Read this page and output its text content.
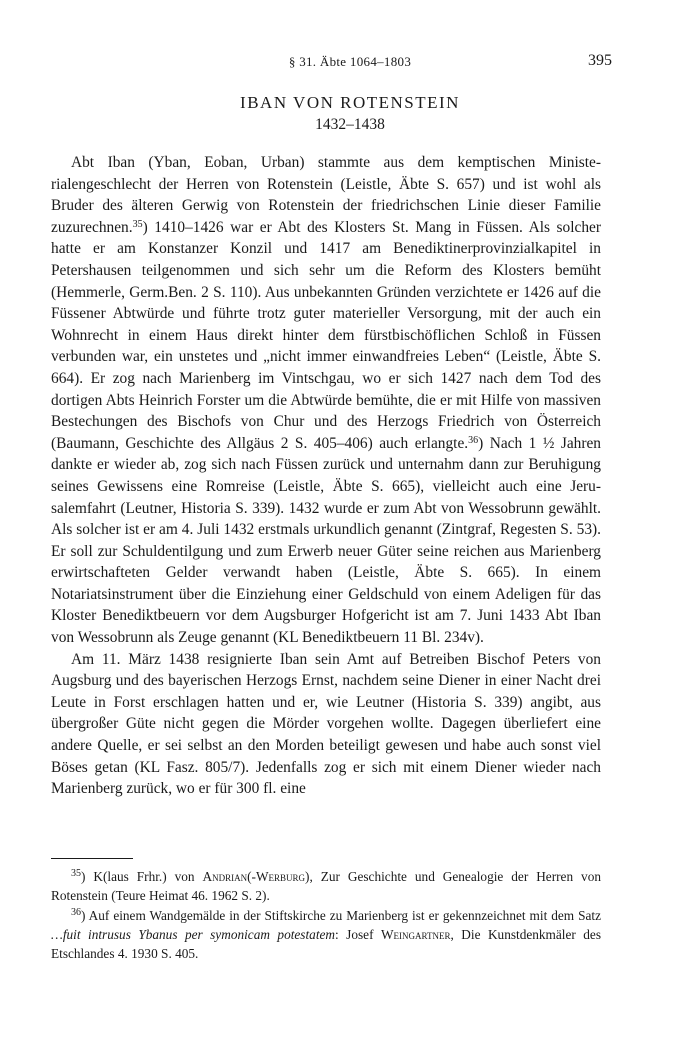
§ 31. Äbte 1064–1803	395
IBAN VON ROTENSTEIN
1432–1438

Abt Iban (Yban, Eoban, Urban) stammte aus dem kemptischen Ministerialengeschlecht der Herren von Rotenstein (Leistle, Äbte S. 657) und ist wohl als Bruder des älteren Gerwig von Rotenstein der friedrichschen Linie dieser Familie zuzurechnen.$^{35}$) 1410–1426 war er Abt des Klosters St. Mang in Füssen. Als solcher hatte er am Konstanzer Konzil und 1417 am Benediktinerprovinzialkapitel in Petershausen teilgenommen und sich sehr um die Reform des Klosters bemüht (Hemmerle, Germ.Ben. 2 S. 110). Aus unbekannten Gründen verzichtete er 1426 auf die Füssener Abtwürde und führte trotz guter materieller Versorgung, mit der auch ein Wohnrecht in einem Haus direkt hinter dem fürstbischöflichen Schloß in Füssen verbunden war, ein unstetes und „nicht immer einwandfreies Leben“ (Leistle, Äbte S. 664). Er zog nach Marienberg im Vintschgau, wo er sich 1427 nach dem Tod des dortigen Abts Heinrich Forster um die Abtwürde bemühte, die er mit Hilfe von massiven Bestechungen des Bischofs von Chur und des Herzogs Friedrich von Österreich (Baumann, Geschichte des Allgäus 2 S. 405–406) auch erlangte.$^{36}$) Nach 1 ½ Jahren dankte er wieder ab, zog sich nach Füssen zurück und unternahm dann zur Beruhigung seines Gewissens eine Romreise (Leistle, Äbte S. 665), vielleicht auch eine Jerusalemfahrt (Leutner, Historia S. 339). 1432 wurde er zum Abt von Wessobrunn gewählt. Als solcher ist er am 4. Juli 1432 erstmals urkundlich genannt (Zintgraf, Regesten S. 53). Er soll zur Schuldentilgung und zum Erwerb neuer Güter seine reichen aus Marienberg erwirtschafteten Gelder verwandt haben (Leistle, Äbte S. 665). In einem Notariatsinstrument über die Einziehung einer Geldschuld von einem Adeligen für das Kloster Benediktbeuern vor dem Augsburger Hofgericht ist am 7. Juni 1433 Abt Iban von Wessobrunn als Zeuge genannt (KL Benediktbeuern 11 Bl. 234v).

Am 11. März 1438 resignierte Iban sein Amt auf Betreiben Bischof Peters von Augsburg und des bayerischen Herzogs Ernst, nachdem seine Diener in einer Nacht drei Leute in Forst erschlagen hatten und er, wie Leutner (Historia S. 339) angibt, aus übergroßer Güte nicht gegen die Mörder vorgehen wollte. Dagegen überliefert eine andere Quelle, er sei selbst an den Morden beteiligt gewesen und habe auch sonst viel Böses getan (KL Fasz. 805/7). Jedenfalls zog er sich mit einem Diener wieder nach Marienberg zurück, wo er für 300 fl. eine

$^{35}$) K(laus Frhr.) von Andrian(-Werburg), Zur Geschichte und Genealogie der Herren von Rotenstein (Teure Heimat 46. 1962 S. 2).

$^{36}$) Auf einem Wandgemälde in der Stiftskirche zu Marienberg ist er gekennzeichnet mit dem Satz …fuit intrusus Ybanus per symonicam potestatem: Josef Weingartner, Die Kunstdenkmäler des Etschlandes 4. 1930 S. 405.
